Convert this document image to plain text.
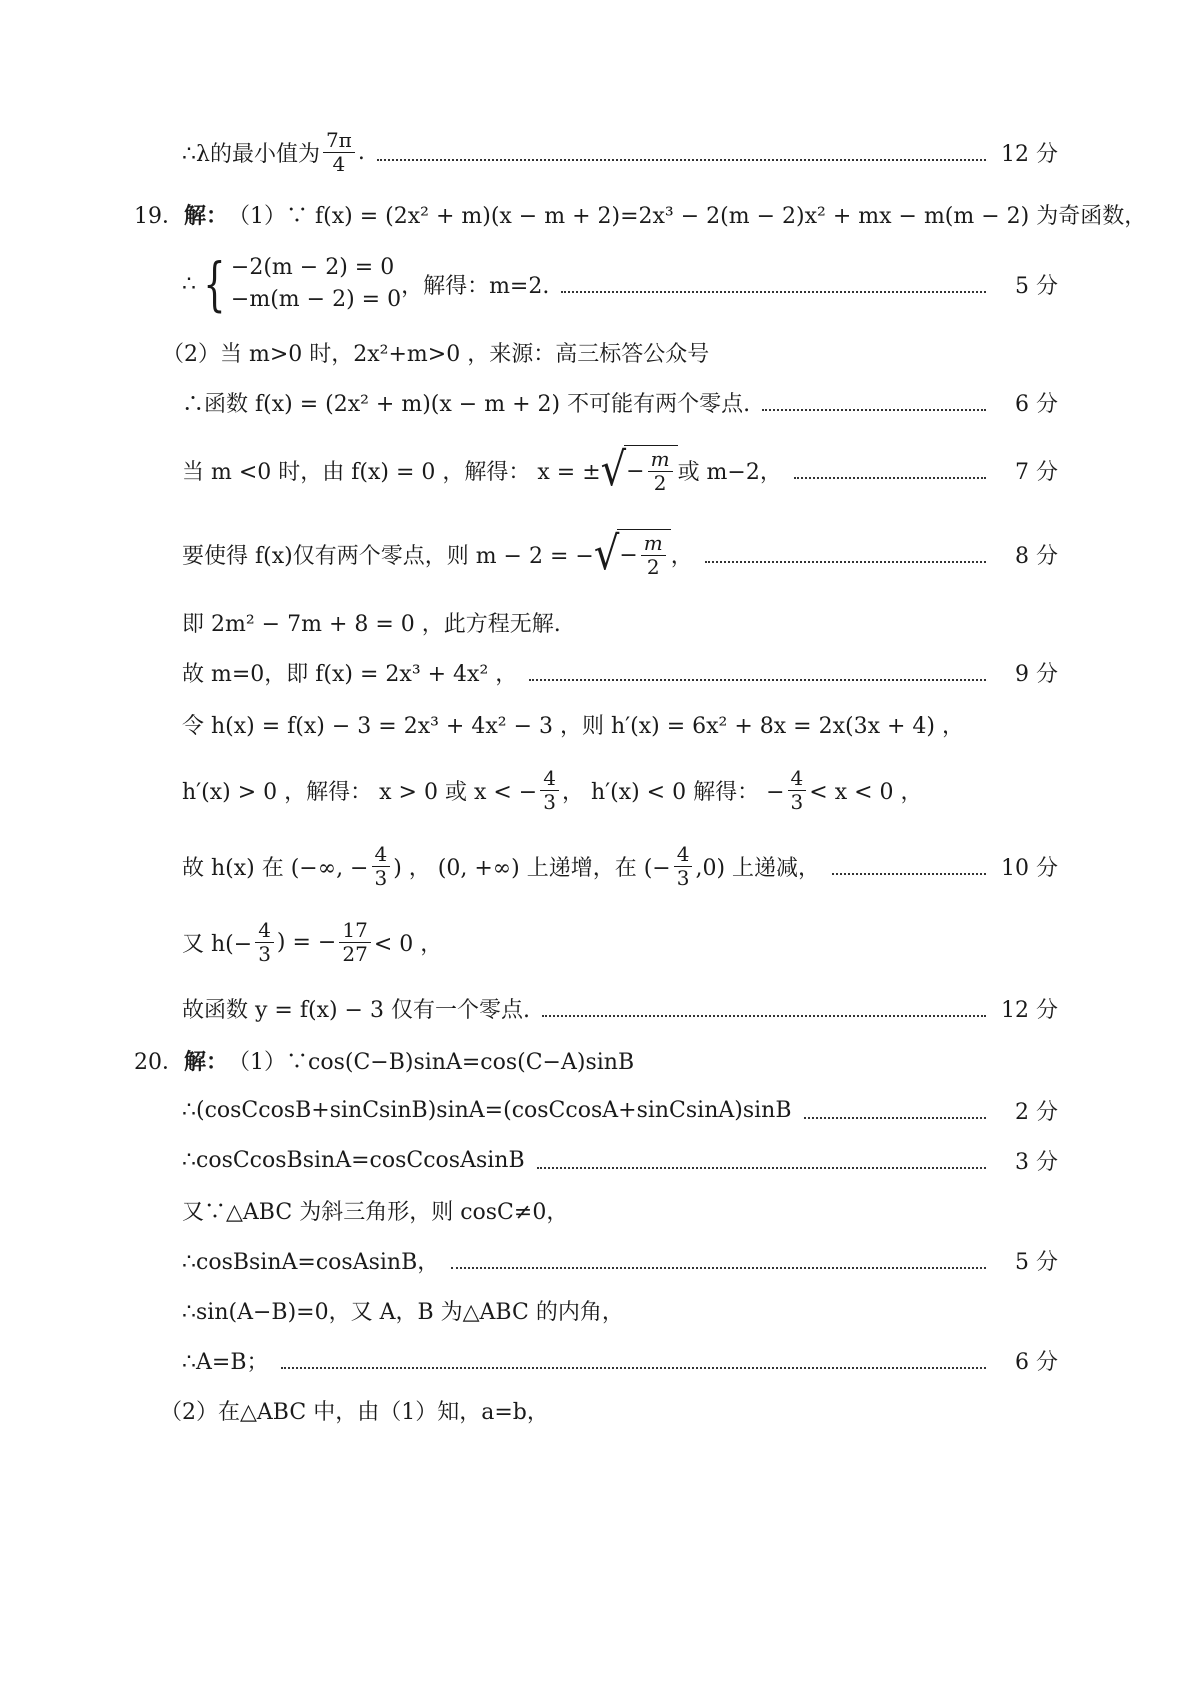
∴λ的最小值为 $\frac{7\pi}{4}$ .	12 分
19． 解： （1）∵ f(x) = (2x² + m)(x − m + 2)=2x³ − 2(m − 2)x² + mx − m(m − 2) 为奇函数，
∴ { −2(m − 2) = 0
−m(m − 2) = 0
，解得：m=2.	5 分
（2）当 m>0 时，2x²+m>0 ，来源：高三标答公众号
∴函数 f(x) = (2x² + m)(x − m + 2) 不可能有两个零点.	6 分
当 m <0 时，由 f(x) = 0 ，解得： x = ± √ − $\frac{m}{2}$ 或 m−2，	7 分
要使得 f(x)仅有两个零点，则 m − 2 = − √ − $\frac{m}{2}$ ，	8 分
即 2m² − 7m + 8 = 0 ，此方程无解.
故 m=0，即 f(x) = 2x³ + 4x² ，	9 分
令 h(x) = f(x) − 3 = 2x³ + 4x² − 3 ，则 h′(x) = 6x² + 8x = 2x(3x + 4) ，
h′(x) > 0 ，解得： x > 0 或 x < − $\frac{4}{3}$ ， h′(x) < 0 解得： − $\frac{4}{3} < x < 0$ ，
故 h(x) 在 (−∞, − $\frac{4}{3}$ ) ， (0, +∞) 上递增，在 (− $\frac{4}{3} ,0$) 上递减，	10 分
又 $h(- \frac{4}{3}$ ) = − $\frac{17}{27} < 0$ ，
故函数 y = f(x) − 3 仅有一个零点.	12 分
20． 解： （1）∵cos(C−B)sinA=cos(C−A)sinB
∴(cosCcosB+sinCsinB)sinA=(cosCcosA+sinCsinA)sinB	2 分
∴cosCcosBsinA=cosCcosAsinB	3 分
又∵△ABC 为斜三角形，则 cosC≠0，
∴cosBsinA=cosAsinB，	5 分
∴sin(A−B)=0，又 A，B 为△ABC 的内角，
∴A=B；	6 分
（2）在△ABC 中，由（1）知，a=b，
